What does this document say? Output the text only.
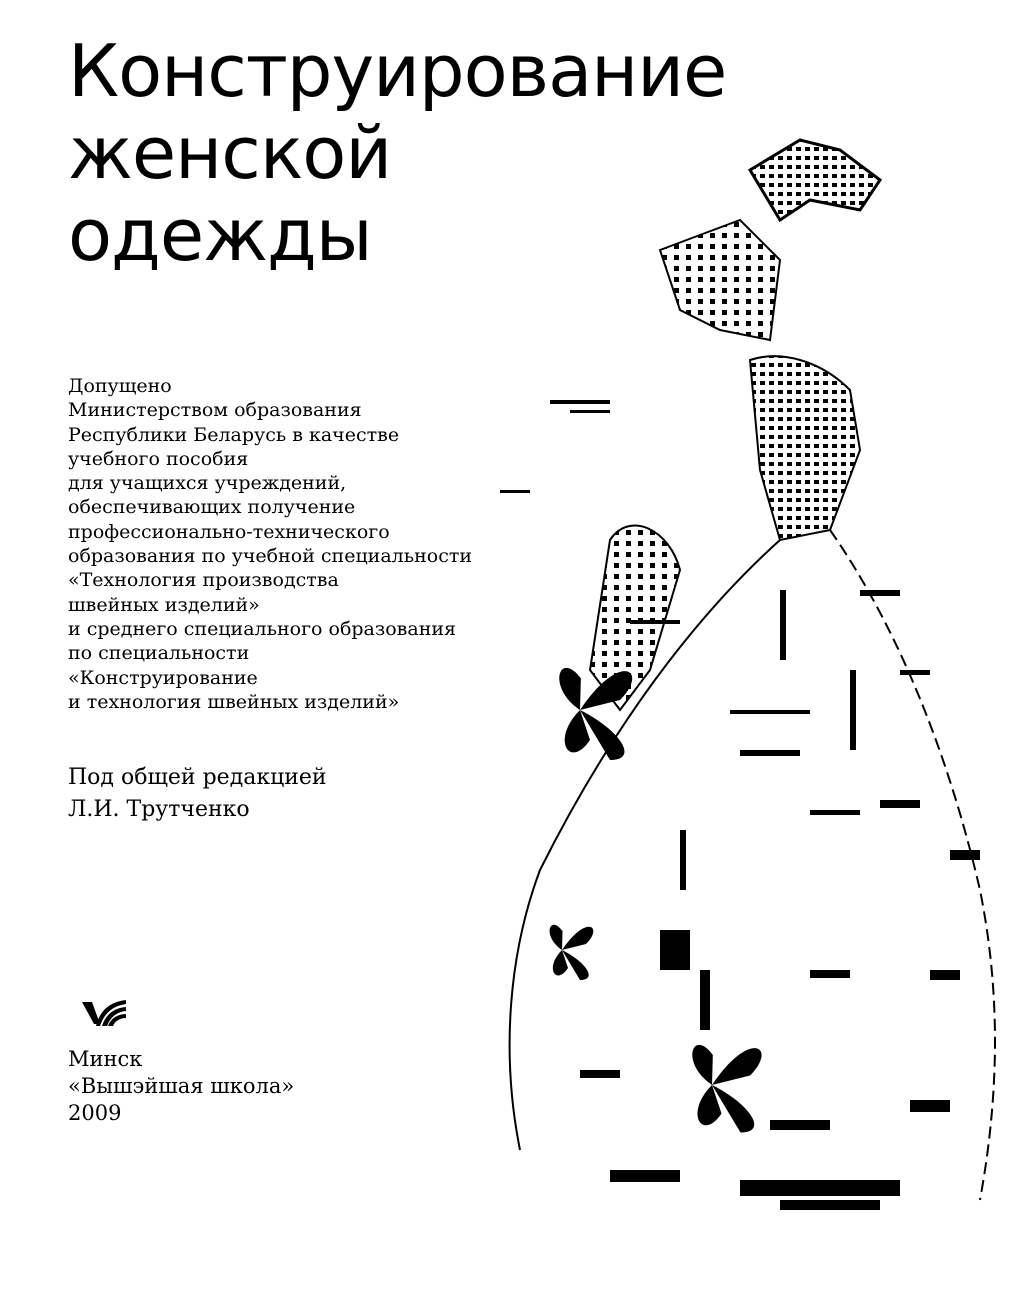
Конструирование
женской
одежды
Допущено
Министерством образования
Республики Беларусь в качестве
учебного пособия
для учащихся учреждений,
обеспечивающих получение
профессионально-технического
образования по учебной специальности
«Технология производства
швейных изделий»
и среднего специального образования
по специальности
«Конструирование
и технология швейных изделий»
Под общей редакцией
Л.И. Трутченко
Минск
«Вышэйшая школа»
2009
